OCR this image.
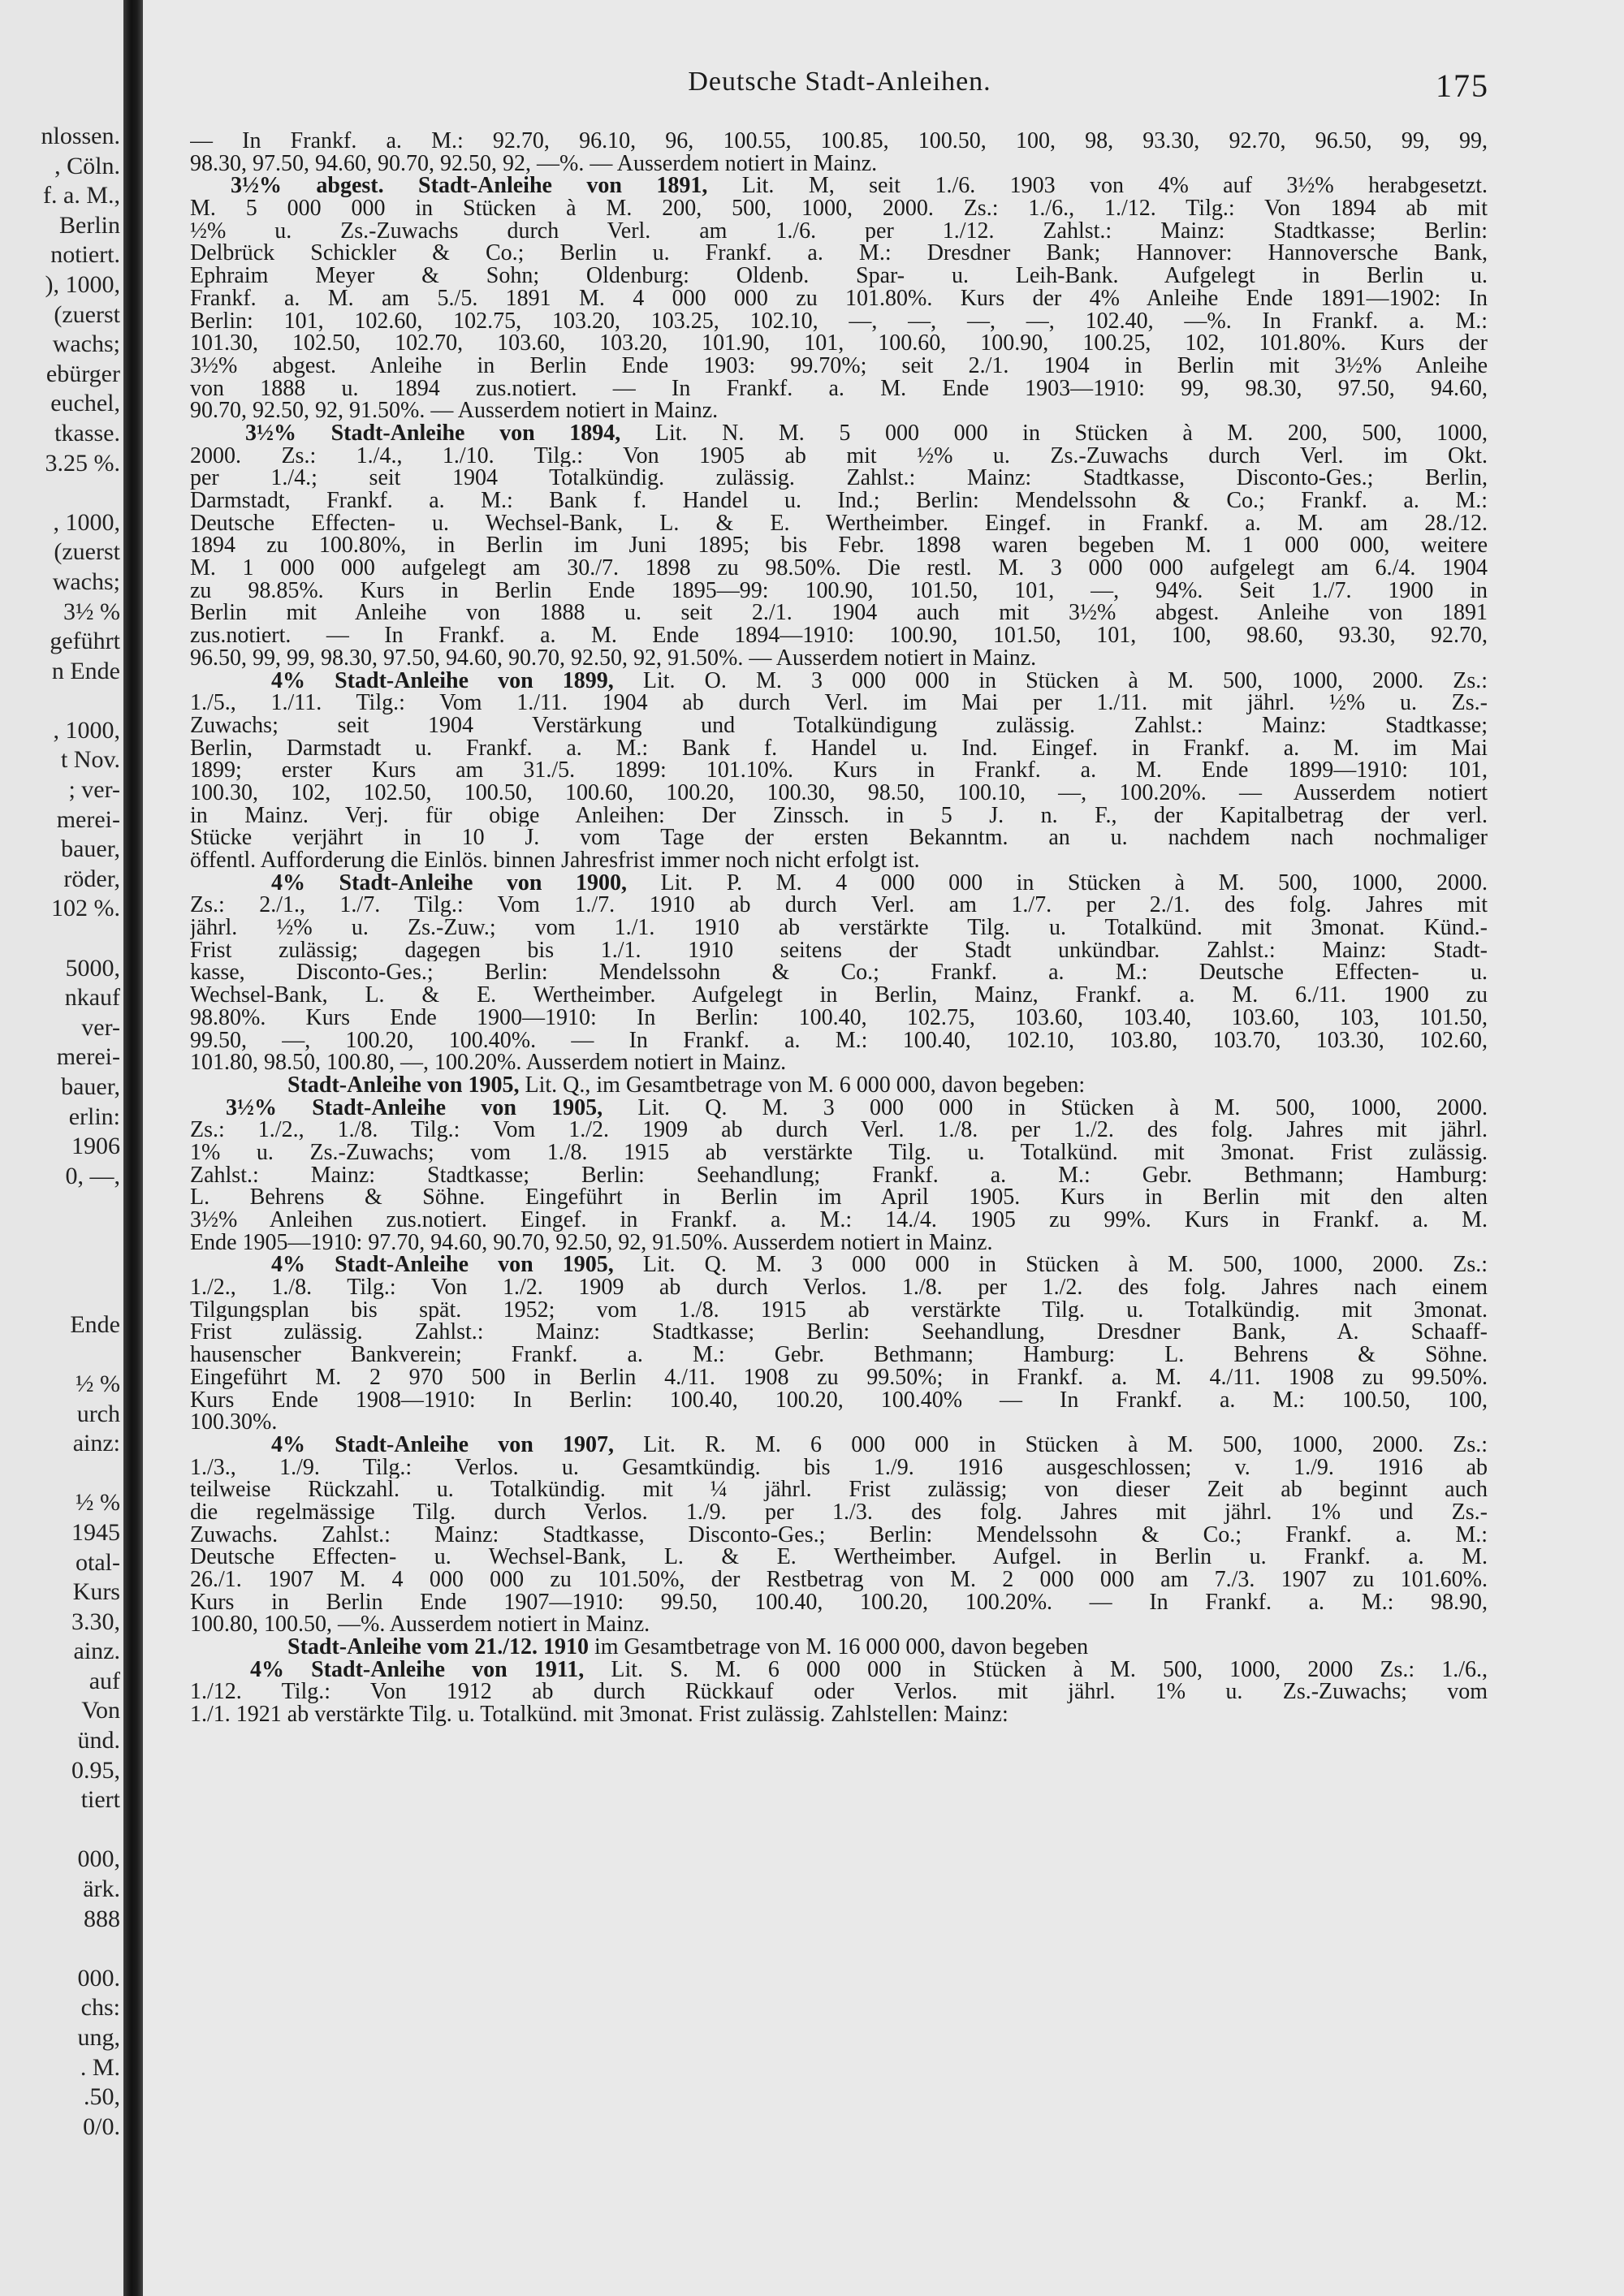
nlossen.
, Cöln.
f. a. M.,
Berlin
notiert.
), 1000,
(zuerst
wachs;
ebürger
euchel,
tkasse.
3.25 %.
, 1000,
(zuerst
wachs;
3½ %
geführt
n Ende
, 1000,
t Nov.
; ver-
merei-
bauer,
röder,
102 %.
5000,
nkauf
ver-
merei-
bauer,
erlin:
1906
0, —,
Ende
½ %
urch
ainz:
½ %
1945
otal-
Kurs
3.30,
ainz.
auf
Von
ünd.
0.95,
tiert
000,
ärk.
888
000.
chs:
ung,
. M.
.50,
0/0.
Deutsche Stadt-Anleihen.	175
— In Frankf. a. M.: 92.70, 96.10, 96, 100.55, 100.85, 100.50, 100, 98, 93.30, 92.70, 96.50, 99, 99,
98.30, 97.50, 94.60, 90.70, 92.50, 92, —%. — Ausserdem notiert in Mainz.
3½% abgest. Stadt-Anleihe von 1891, Lit. M, seit 1./6. 1903 von 4% auf 3½% herabgesetzt.
M. 5 000 000 in Stücken à M. 200, 500, 1000, 2000. Zs.: 1./6., 1./12. Tilg.: Von 1894 ab mit
½% u. Zs.-Zuwachs durch Verl. am 1./6. per 1./12. Zahlst.: Mainz: Stadtkasse; Berlin:
Delbrück Schickler & Co.; Berlin u. Frankf. a. M.: Dresdner Bank; Hannover: Hannoversche Bank,
Ephraim Meyer & Sohn; Oldenburg: Oldenb. Spar- u. Leih-Bank. Aufgelegt in Berlin u.
Frankf. a. M. am 5./5. 1891 M. 4 000 000 zu 101.80%. Kurs der 4% Anleihe Ende 1891—1902: In
Berlin: 101, 102.60, 102.75, 103.20, 103.25, 102.10, —, —, —, —, 102.40, —%. In Frankf. a. M.:
101.30, 102.50, 102.70, 103.60, 103.20, 101.90, 101, 100.60, 100.90, 100.25, 102, 101.80%. Kurs der
3½% abgest. Anleihe in Berlin Ende 1903: 99.70%; seit 2./1. 1904 in Berlin mit 3½% Anleihe
von 1888 u. 1894 zus.notiert. — In Frankf. a. M. Ende 1903—1910: 99, 98.30, 97.50, 94.60,
90.70, 92.50, 92, 91.50%. — Ausserdem notiert in Mainz.
3½% Stadt-Anleihe von 1894, Lit. N. M. 5 000 000 in Stücken à M. 200, 500, 1000,
2000. Zs.: 1./4., 1./10. Tilg.: Von 1905 ab mit ½% u. Zs.-Zuwachs durch Verl. im Okt.
per 1./4.; seit 1904 Totalkündig. zulässig. Zahlst.: Mainz: Stadtkasse, Disconto-Ges.; Berlin,
Darmstadt, Frankf. a. M.: Bank f. Handel u. Ind.; Berlin: Mendelssohn & Co.; Frankf. a. M.:
Deutsche Effecten- u. Wechsel-Bank, L. & E. Wertheimber. Eingef. in Frankf. a. M. am 28./12.
1894 zu 100.80%, in Berlin im Juni 1895; bis Febr. 1898 waren begeben M. 1 000 000, weitere
M. 1 000 000 aufgelegt am 30./7. 1898 zu 98.50%. Die restl. M. 3 000 000 aufgelegt am 6./4. 1904
zu 98.85%. Kurs in Berlin Ende 1895—99: 100.90, 101.50, 101, —, 94%. Seit 1./7. 1900 in
Berlin mit Anleihe von 1888 u. seit 2./1. 1904 auch mit 3½% abgest. Anleihe von 1891
zus.notiert. — In Frankf. a. M. Ende 1894—1910: 100.90, 101.50, 101, 100, 98.60, 93.30, 92.70,
96.50, 99, 99, 98.30, 97.50, 94.60, 90.70, 92.50, 92, 91.50%. — Ausserdem notiert in Mainz.
4% Stadt-Anleihe von 1899, Lit. O. M. 3 000 000 in Stücken à M. 500, 1000, 2000. Zs.:
1./5., 1./11. Tilg.: Vom 1./11. 1904 ab durch Verl. im Mai per 1./11. mit jährl. ½% u. Zs.-
Zuwachs; seit 1904 Verstärkung und Totalkündigung zulässig. Zahlst.: Mainz: Stadtkasse;
Berlin, Darmstadt u. Frankf. a. M.: Bank f. Handel u. Ind. Eingef. in Frankf. a. M. im Mai
1899; erster Kurs am 31./5. 1899: 101.10%. Kurs in Frankf. a. M. Ende 1899—1910: 101,
100.30, 102, 102.50, 100.50, 100.60, 100.20, 100.30, 98.50, 100.10, —, 100.20%. — Ausserdem notiert
in Mainz. Verj. für obige Anleihen: Der Zinssch. in 5 J. n. F., der Kapitalbetrag der verl.
Stücke verjährt in 10 J. vom Tage der ersten Bekanntm. an u. nachdem nach nochmaliger
öffentl. Aufforderung die Einlös. binnen Jahresfrist immer noch nicht erfolgt ist.
4% Stadt-Anleihe von 1900, Lit. P. M. 4 000 000 in Stücken à M. 500, 1000, 2000.
Zs.: 2./1., 1./7. Tilg.: Vom 1./7. 1910 ab durch Verl. am 1./7. per 2./1. des folg. Jahres mit
jährl. ½% u. Zs.-Zuw.; vom 1./1. 1910 ab verstärkte Tilg. u. Totalkünd. mit 3monat. Künd.-
Frist zulässig; dagegen bis 1./1. 1910 seitens der Stadt unkündbar. Zahlst.: Mainz: Stadt-
kasse, Disconto-Ges.; Berlin: Mendelssohn & Co.; Frankf. a. M.: Deutsche Effecten- u.
Wechsel-Bank, L. & E. Wertheimber. Aufgelegt in Berlin, Mainz, Frankf. a. M. 6./11. 1900 zu
98.80%. Kurs Ende 1900—1910: In Berlin: 100.40, 102.75, 103.60, 103.40, 103.60, 103, 101.50,
99.50, —, 100.20, 100.40%. — In Frankf. a. M.: 100.40, 102.10, 103.80, 103.70, 103.30, 102.60,
101.80, 98.50, 100.80, —, 100.20%. Ausserdem notiert in Mainz.
Stadt-Anleihe von 1905, Lit. Q., im Gesamtbetrage von M. 6 000 000, davon begeben:
3½% Stadt-Anleihe von 1905, Lit. Q. M. 3 000 000 in Stücken à M. 500, 1000, 2000.
Zs.: 1./2., 1./8. Tilg.: Vom 1./2. 1909 ab durch Verl. 1./8. per 1./2. des folg. Jahres mit jährl.
1% u. Zs.-Zuwachs; vom 1./8. 1915 ab verstärkte Tilg. u. Totalkünd. mit 3monat. Frist zulässig.
Zahlst.: Mainz: Stadtkasse; Berlin: Seehandlung; Frankf. a. M.: Gebr. Bethmann; Hamburg:
L. Behrens & Söhne. Eingeführt in Berlin im April 1905. Kurs in Berlin mit den alten
3½% Anleihen zus.notiert. Eingef. in Frankf. a. M.: 14./4. 1905 zu 99%. Kurs in Frankf. a. M.
Ende 1905—1910: 97.70, 94.60, 90.70, 92.50, 92, 91.50%. Ausserdem notiert in Mainz.
4% Stadt-Anleihe von 1905, Lit. Q. M. 3 000 000 in Stücken à M. 500, 1000, 2000. Zs.:
1./2., 1./8. Tilg.: Von 1./2. 1909 ab durch Verlos. 1./8. per 1./2. des folg. Jahres nach einem
Tilgungsplan bis spät. 1952; vom 1./8. 1915 ab verstärkte Tilg. u. Totalkündig. mit 3monat.
Frist zulässig. Zahlst.: Mainz: Stadtkasse; Berlin: Seehandlung, Dresdner Bank, A. Schaaff-
hausenscher Bankverein; Frankf. a. M.: Gebr. Bethmann; Hamburg: L. Behrens & Söhne.
Eingeführt M. 2 970 500 in Berlin 4./11. 1908 zu 99.50%; in Frankf. a. M. 4./11. 1908 zu 99.50%.
Kurs Ende 1908—1910: In Berlin: 100.40, 100.20, 100.40% — In Frankf. a. M.: 100.50, 100,
100.30%.
4% Stadt-Anleihe von 1907, Lit. R. M. 6 000 000 in Stücken à M. 500, 1000, 2000. Zs.:
1./3., 1./9. Tilg.: Verlos. u. Gesamtkündig. bis 1./9. 1916 ausgeschlossen; v. 1./9. 1916 ab
teilweise Rückzahl. u. Totalkündig. mit ¼ jährl. Frist zulässig; von dieser Zeit ab beginnt auch
die regelmässige Tilg. durch Verlos. 1./9. per 1./3. des folg. Jahres mit jährl. 1% und Zs.-
Zuwachs. Zahlst.: Mainz: Stadtkasse, Disconto-Ges.; Berlin: Mendelssohn & Co.; Frankf. a. M.:
Deutsche Effecten- u. Wechsel-Bank, L. & E. Wertheimber. Aufgel. in Berlin u. Frankf. a. M.
26./1. 1907 M. 4 000 000 zu 101.50%, der Restbetrag von M. 2 000 000 am 7./3. 1907 zu 101.60%.
Kurs in Berlin Ende 1907—1910: 99.50, 100.40, 100.20, 100.20%. — In Frankf. a. M.: 98.90,
100.80, 100.50, —%. Ausserdem notiert in Mainz.
Stadt-Anleihe vom 21./12. 1910 im Gesamtbetrage von M. 16 000 000, davon begeben
4% Stadt-Anleihe von 1911, Lit. S. M. 6 000 000 in Stücken à M. 500, 1000, 2000 Zs.: 1./6.,
1./12. Tilg.: Von 1912 ab durch Rückkauf oder Verlos. mit jährl. 1% u. Zs.-Zuwachs; vom
1./1. 1921 ab verstärkte Tilg. u. Totalkünd. mit 3monat. Frist zulässig. Zahlstellen: Mainz:
